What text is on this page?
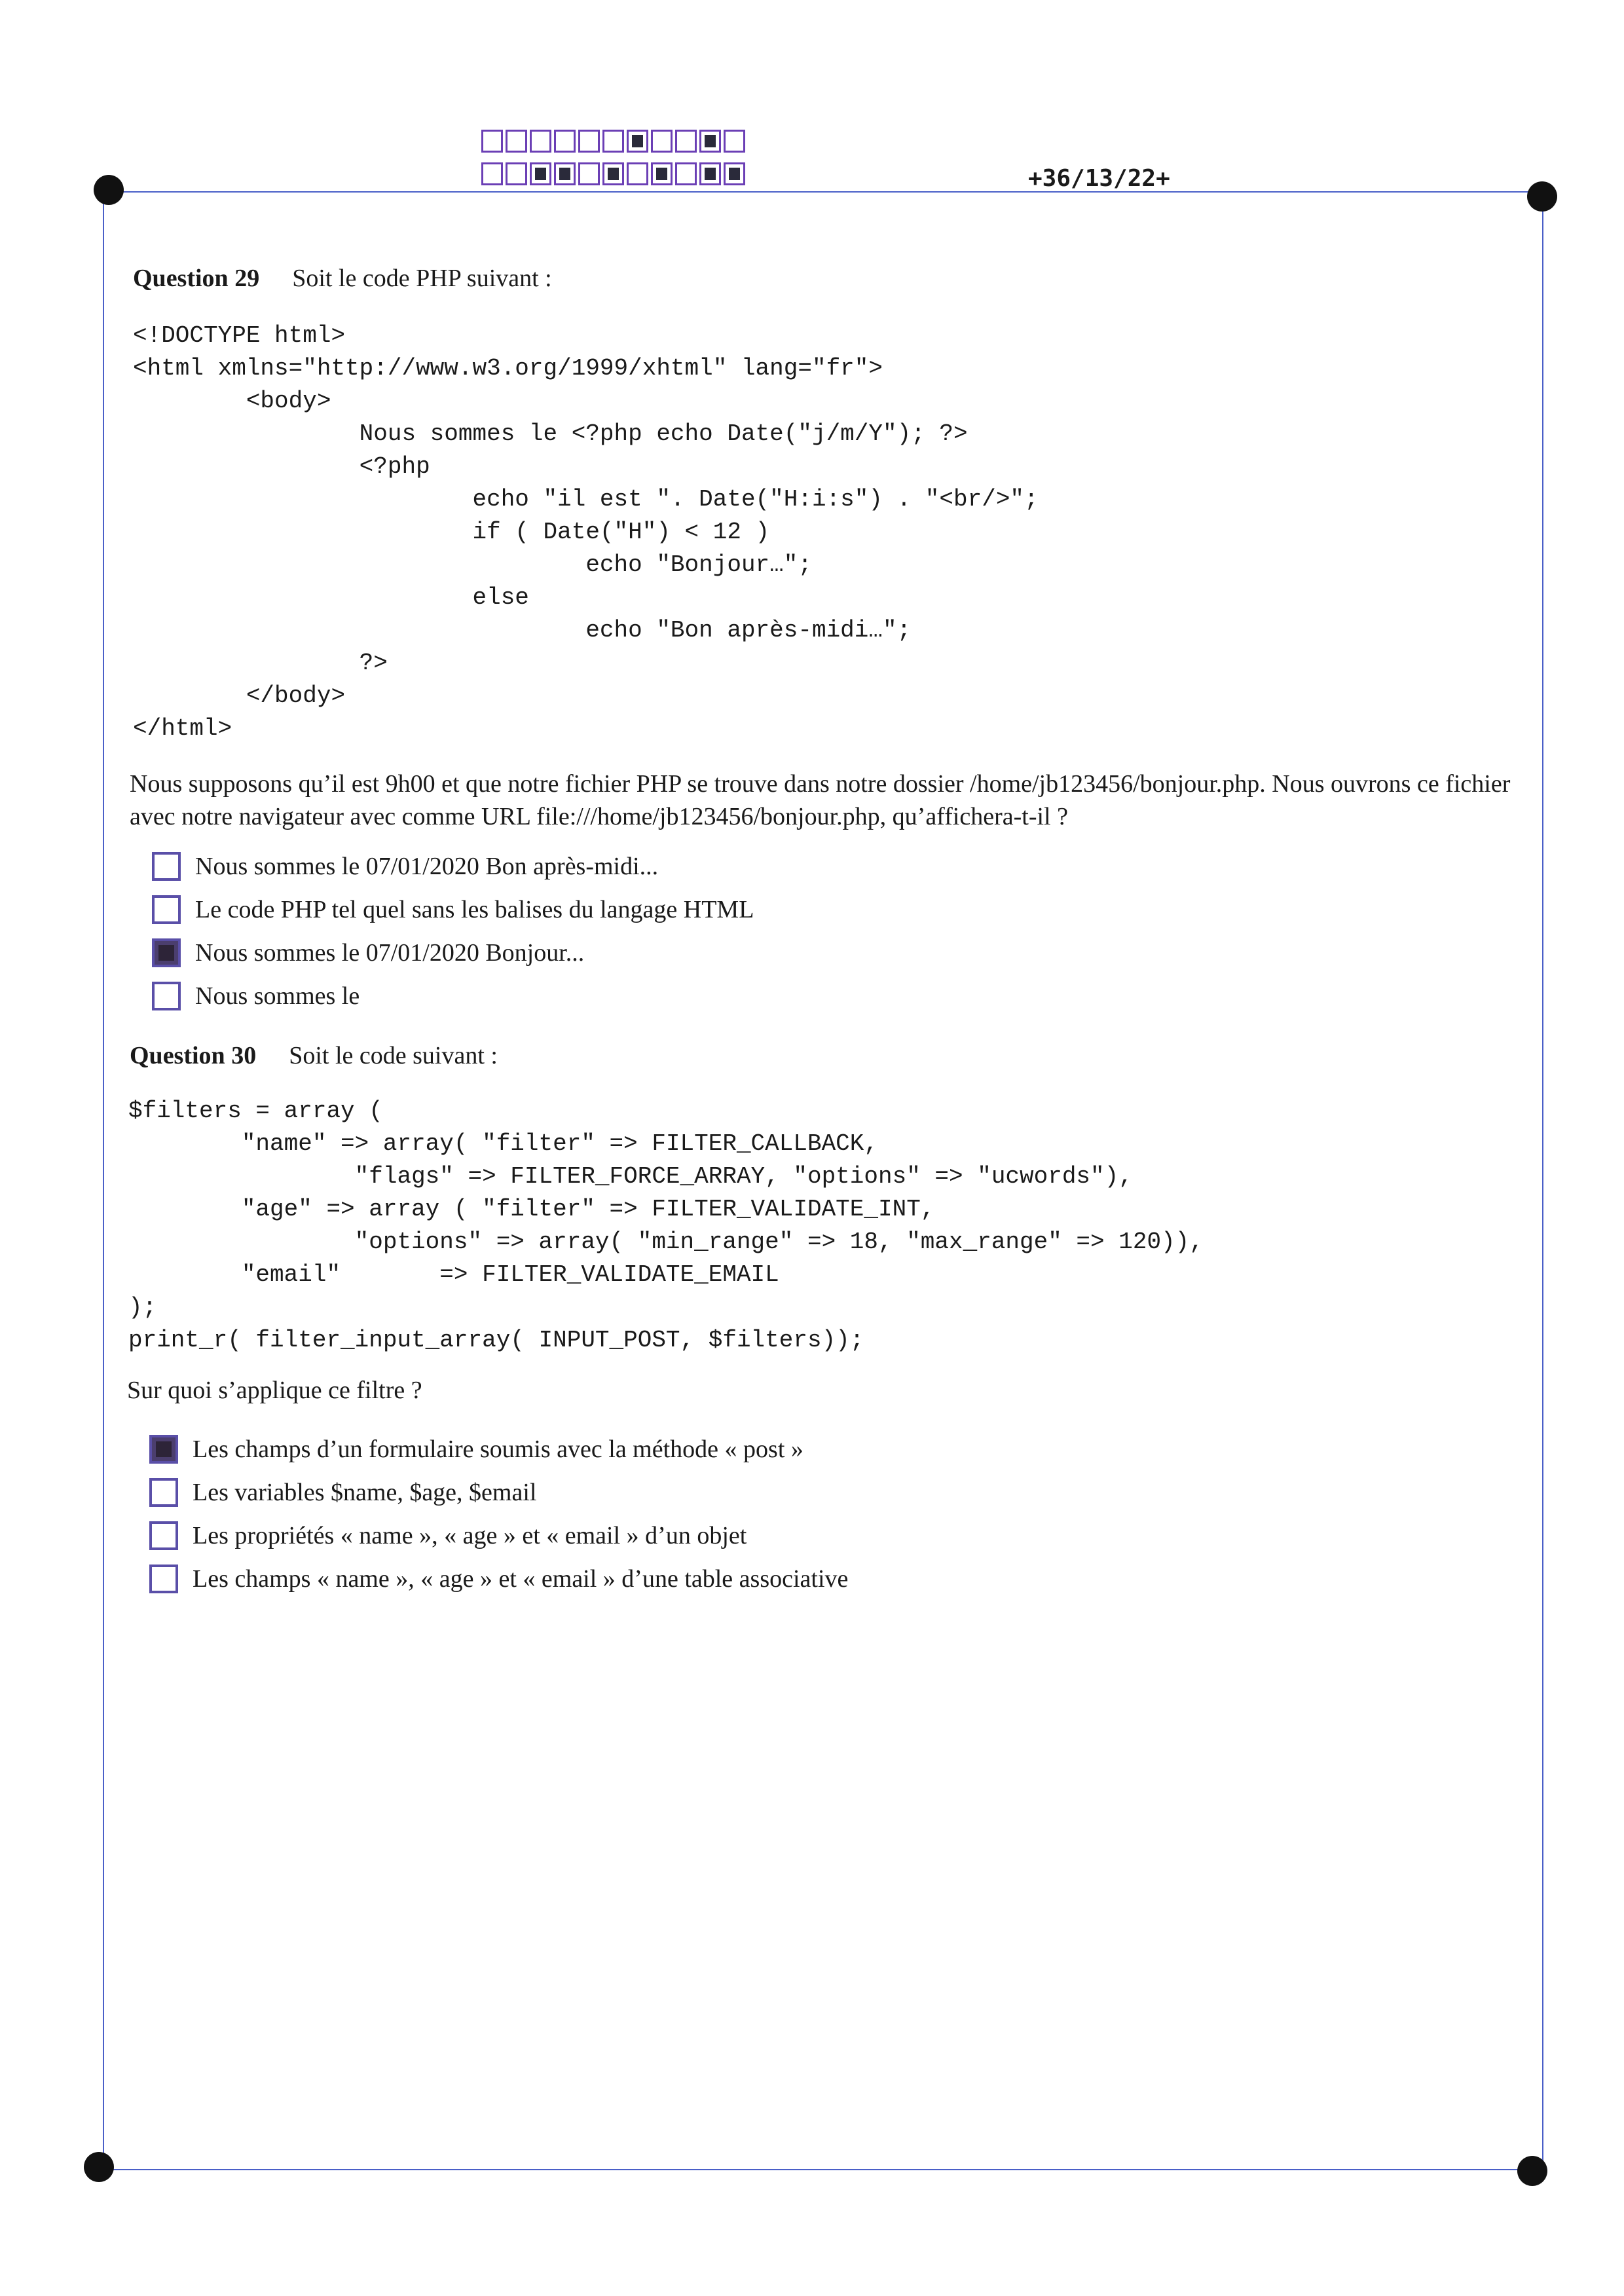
+36/13/22+
Question 29 Soit le code PHP suivant :
<!DOCTYPE html>
<html xmlns="http://www.w3.org/1999/xhtml" lang="fr">
<body>
Nous sommes le <?php echo Date("j/m/Y"); ?>
<?php
echo "il est ". Date("H:i:s") . "<br/>";
if ( Date("H") < 12 )
echo "Bonjour…";
else
echo "Bon après-midi…";
?>
</body>
</html>
Nous supposons qu’il est 9h00 et que notre fichier PHP se trouve dans notre dossier /home/jb123456/bonjour.php. Nous ouvrons ce fichier avec notre navigateur avec comme URL file:///home/jb123456/bonjour.php, qu’affichera-t-il ?
Nous sommes le 07/01/2020 Bon après-midi...
Le code PHP tel quel sans les balises du langage HTML
Nous sommes le 07/01/2020 Bonjour...
Nous sommes le
Question 30 Soit le code suivant :
$filters = array (
"name" => array( "filter" => FILTER_CALLBACK,
"flags" => FILTER_FORCE_ARRAY, "options" => "ucwords"),
"age" => array ( "filter" => FILTER_VALIDATE_INT,
"options" => array( "min_range" => 18, "max_range" => 120)),
"email"       => FILTER_VALIDATE_EMAIL
);
print_r( filter_input_array( INPUT_POST, $filters));
Sur quoi s’applique ce filtre ?
Les champs d’un formulaire soumis avec la méthode « post »
Les variables $name, $age, $email
Les propriétés « name », « age » et « email » d’un objet
Les champs « name », « age » et « email » d’une table associative
